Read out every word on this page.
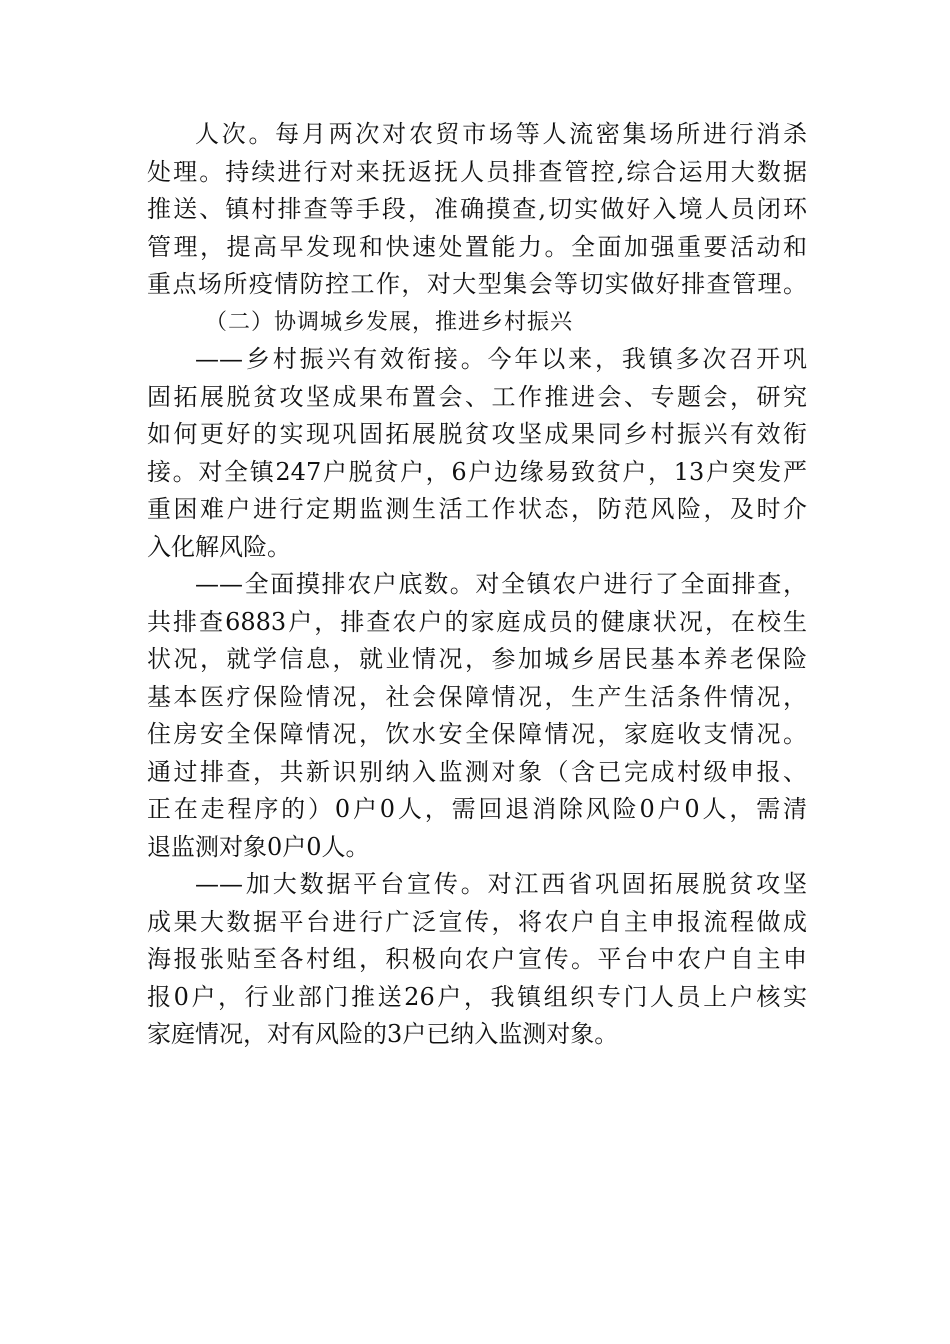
人次。每月两次对农贸市场等人流密集场所进行消杀
处理。持续进行对来抚返抚人员排查管控,综合运用大数据
推送、镇村排查等手段，准确摸查,切实做好入境人员闭环
管理，提高早发现和快速处置能力。全面加强重要活动和
重点场所疫情防控工作，对大型集会等切实做好排查管理。
（二）协调城乡发展，推进乡村振兴
——乡村振兴有效衔接。今年以来，我镇多次召开巩
固拓展脱贫攻坚成果布置会、工作推进会、专题会，研究
如何更好的实现巩固拓展脱贫攻坚成果同乡村振兴有效衔
接。对全镇247户脱贫户，6户边缘易致贫户，13户突发严
重困难户进行定期监测生活工作状态，防范风险，及时介
入化解风险。
——全面摸排农户底数。对全镇农户进行了全面排查，
共排查6883户，排查农户的家庭成员的健康状况，在校生
状况，就学信息，就业情况，参加城乡居民基本养老保险
基本医疗保险情况，社会保障情况，生产生活条件情况，
住房安全保障情况，饮水安全保障情况，家庭收支情况。
通过排查，共新识别纳入监测对象（含已完成村级申报、
正在走程序的）0户0人，需回退消除风险0户0人，需清
退监测对象0户0人。
——加大数据平台宣传。对江西省巩固拓展脱贫攻坚
成果大数据平台进行广泛宣传，将农户自主申报流程做成
海报张贴至各村组，积极向农户宣传。平台中农户自主申
报0户，行业部门推送26户，我镇组织专门人员上户核实
家庭情况，对有风险的3户已纳入监测对象。
